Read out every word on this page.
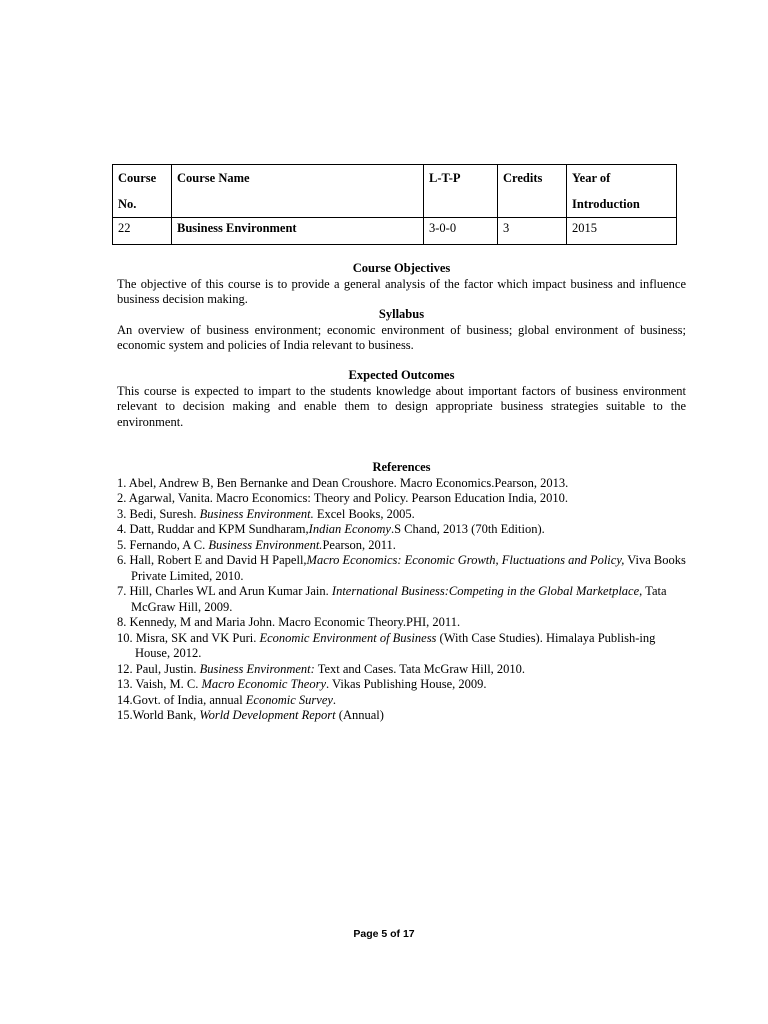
Course
No.	Course Name	L-T-P	Credits	Year of
Introduction
22	Business Environment	3-0-0	3	2015
Course Objectives
The objective of this course is to provide a general analysis of the factor which impact business and influence business decision making.
Syllabus
An overview of business environment; economic environment of business; global environment of business; economic system and policies of India relevant to business.
Expected Outcomes
This course is expected to impart to the students knowledge about important factors of business environment relevant to decision making and enable them to design appropriate business strategies suitable to the environment.
References
1. Abel, Andrew B, Ben Bernanke and Dean Croushore. Macro Economics.Pearson, 2013.
2. Agarwal, Vanita. Macro Economics: Theory and Policy. Pearson Education India, 2010.
3. Bedi, Suresh. Business Environment. Excel Books, 2005.
4. Datt, Ruddar and KPM Sundharam,Indian Economy.S Chand, 2013 (70th Edition).
5. Fernando, A C. Business Environment.Pearson, 2011.
6. Hall, Robert E and David H Papell,Macro Economics: Economic Growth, Fluctuations and Policy, Viva Books Private Limited, 2010.
7. Hill, Charles WL and Arun Kumar Jain. International Business:Competing in the Global Marketplace, Tata McGraw Hill, 2009.
8. Kennedy, M and Maria John. Macro Economic Theory.PHI, 2011.
10. Misra, SK and VK Puri. Economic Environment of Business (With Case Studies). Himalaya Publish-ing House, 2012.
12. Paul, Justin. Business Environment: Text and Cases. Tata McGraw Hill, 2010.
13. Vaish, M. C. Macro Economic Theory. Vikas Publishing House, 2009.
14.Govt. of India, annual Economic Survey.
15.World Bank, World Development Report (Annual)
Page 5 of 17
